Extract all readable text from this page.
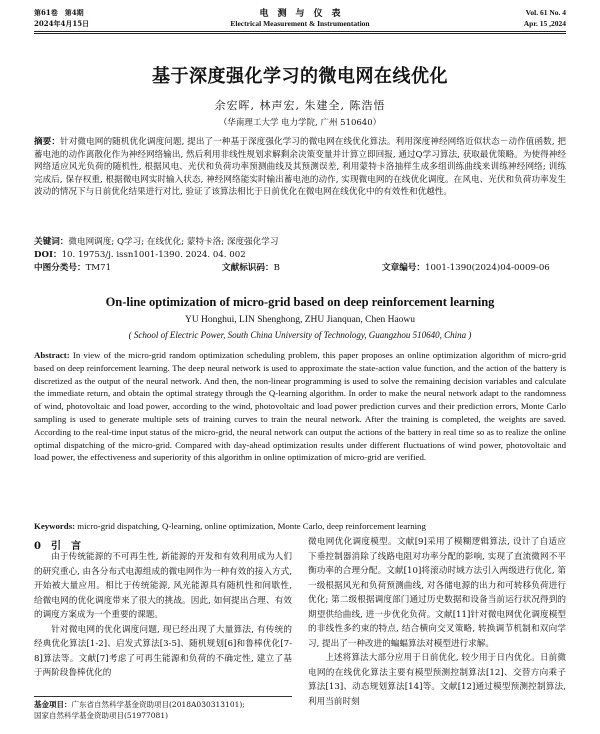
第61卷　第4期
2024年4月15日
电　测　与　仪　表
Electrical Measurement & Instrumentation
Vol. 61 No. 4
Apr. 15 ,2024
基于深度强化学习的微电网在线优化
余宏晖, 林声宏, 朱建全, 陈浩悟
（华南理工大学 电力学院, 广州 510640）
摘要：针对微电网的随机优化调度问题, 提出了一种基于深度强化学习的微电网在线优化算法。利用深度神经网络近似状态－动作值函数, 把蓄电池的动作离散化作为神经网络输出, 然后利用非线性规划求解剩余决策变量并计算立即回报, 通过Q学习算法, 获取最优策略。为使得神经网络适应风光负荷的随机性, 根据风电、光伏和负荷功率预测曲线及其预测误差, 利用蒙特卡洛抽样生成多组训练曲线来训练神经网络; 训练完成后, 保存权重, 根据微电网实时输入状态, 神经网络能实时输出蓄电池的动作, 实现微电网的在线优化调度。在风电、光伏和负荷功率发生波动的情况下与日前优化结果进行对比, 验证了该算法相比于日前优化在微电网在线优化中的有效性和优越性。
关键词：微电网调度; Q学习; 在线优化; 蒙特卡洛; 深度强化学习
DOI：10. 19753/j. issn1001-1390. 2024. 04. 002
中图分类号：TM71	文献标识码：B	文章编号：1001-1390(2024)04-0009-06
On-line optimization of micro-grid based on deep reinforcement learning
YU Honghui, LIN Shenghong, ZHU Jianquan, Chen Haowu
( School of Electric Power, South China University of Technology, Guangzhou 510640, China )
Abstract: In view of the micro-grid random optimization scheduling problem, this paper proposes an online optimization algorithm of micro-grid based on deep reinforcement learning. The deep neural network is used to approximate the state-action value function, and the action of the battery is discretized as the output of the neural network. And then, the non-linear programming is used to solve the remaining decision variables and calculate the immediate return, and obtain the optimal strategy through the Q-learning algorithm. In order to make the neural network adapt to the randomness of wind, photovoltaic and load power, according to the wind, photovoltaic and load power prediction curves and their prediction errors, Monte Carlo sampling is used to generate multiple sets of training curves to train the neural network. After the training is completed, the weights are saved. According to the real-time input status of the micro-grid, the neural network can output the actions of the battery in real time so as to realize the online optimal dispatching of the micro-grid. Compared with day-ahead optimization results under different fluctuations of wind power, photovoltaic and load power, the effectiveness and superiority of this algorithm in online optimization of micro-grid are verified.
Keywords: micro-grid dispatching, Q-learning, online optimization, Monte Carlo, deep reinforcement learning
0　引　言
由于传统能源的不可再生性, 新能源的开发和有效利用成为人们的研究重心, 由各分布式电源组成的微电网作为一种有效的接入方式, 开始被大量应用。相比于传统能源, 风光能源具有随机性和间歇性, 给微电网的优化调度带来了很大的挑战。因此, 如何提出合理、有效的调度方案成为一个重要的课题。
针对微电网的优化调度问题, 现已经出现了大量算法, 有传统的经典优化算法[1-2]、启发式算法[3-5]、随机规划[6]和鲁棒优化[7-8]算法等。文献[7]考虑了可再生能源和负荷的不确定性, 建立了基于两阶段鲁棒优化的
基金项目：广东省自然科学基金资助项目(2018A030313101);
国家自然科学基金资助项目(51977081)
微电网优化调度模型。文献[9]采用了模糊逻辑算法, 设计了自适应下垂控制器消除了线路电阻对功率分配的影响, 实现了直流微网不平衡功率的合理分配。文献[10]将滚动时域方法引入两级进行优化, 第一级根据风光和负荷预测曲线, 对各储电源的出力和可转移负荷进行优化; 第二级根据调度部门通过历史数据和设备当前运行状况得到的期望供给曲线, 进一步优化负荷。文献[11]针对微电网优化调度模型的非线性多约束的特点, 结合横向交叉策略, 转换调节机制和双向学习, 提出了一种改进的蝙蝠算法对模型进行求解。
上述将算法大部分应用于日前优化, 较少用于日内优化。日前微电网的在线优化算法主要有模型预测控制算法[12]、交替方向乘子算法[13]、动态规划算法[14]等。文献[12]通过模型预测控制算法, 利用当前时刻
